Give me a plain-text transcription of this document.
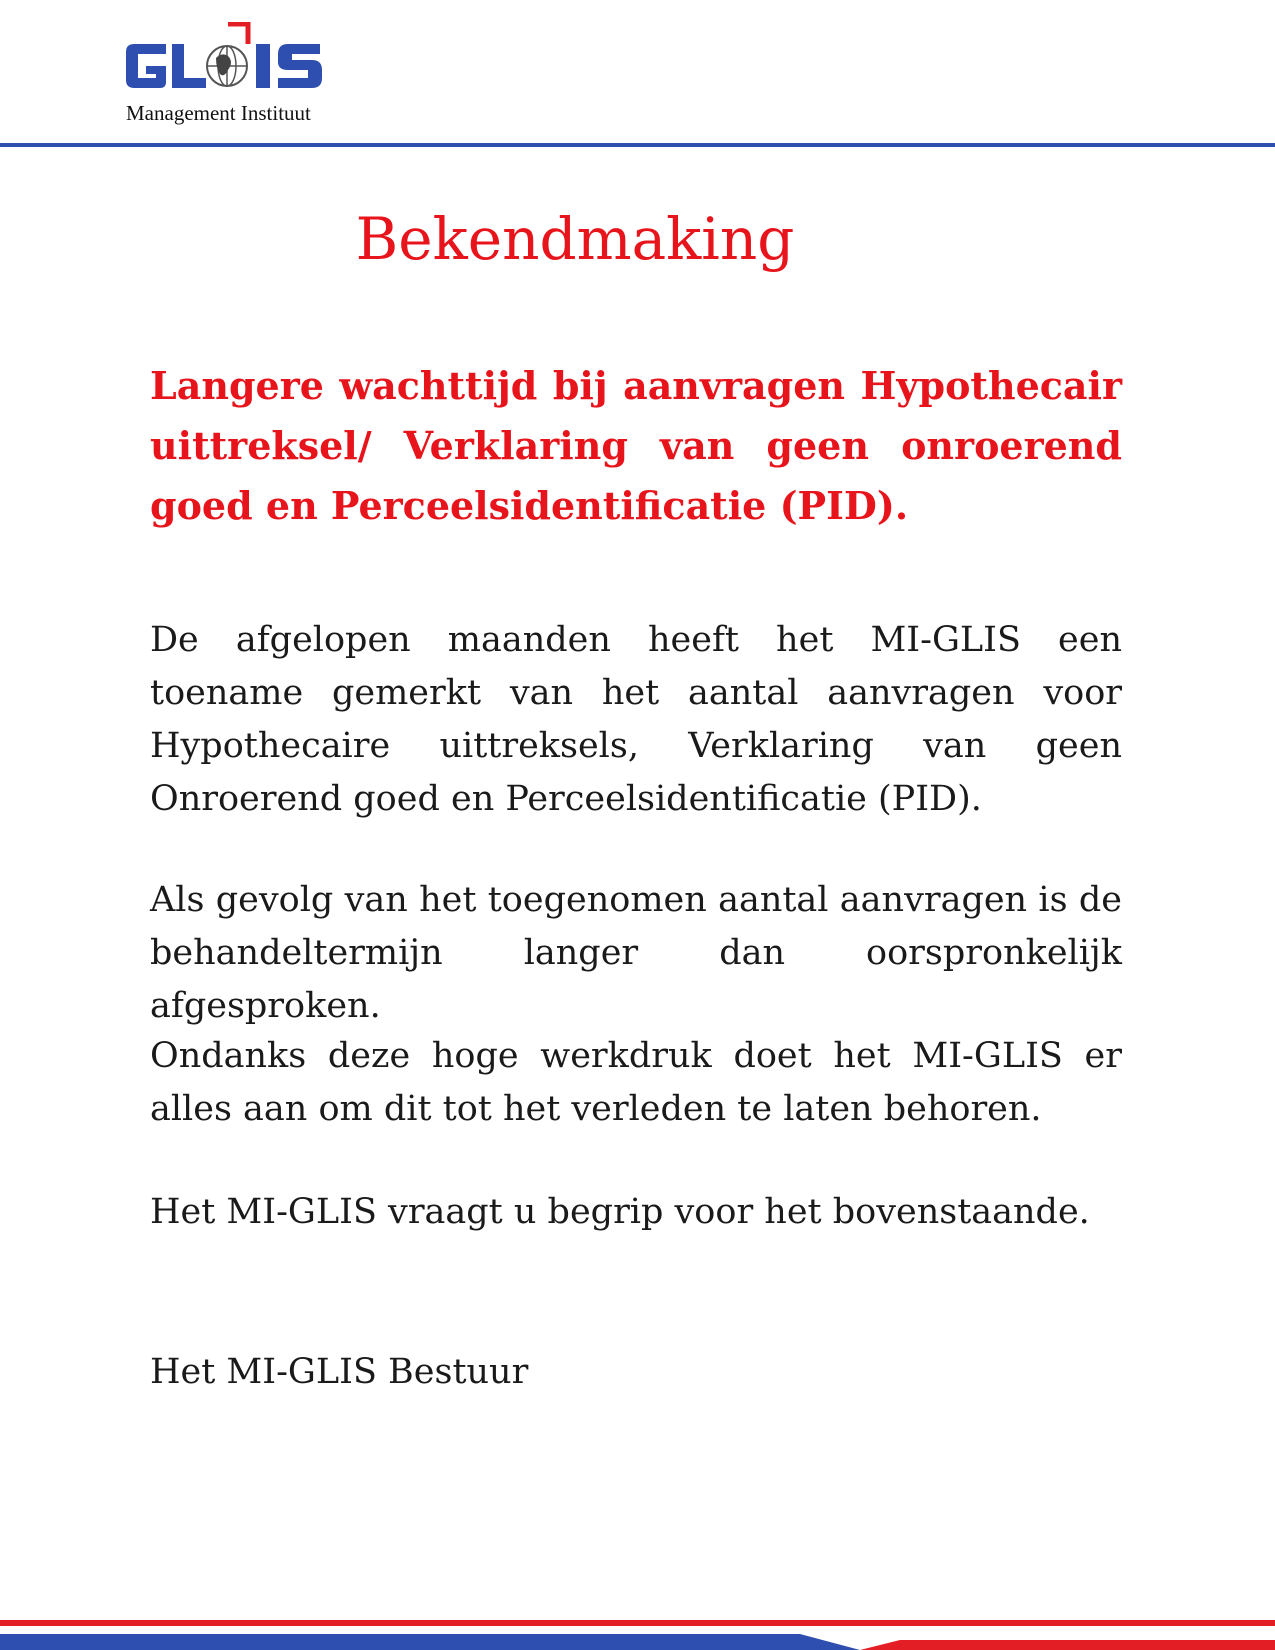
Management Instituut
Bekendmaking

Langere wachttijd bij aanvragen Hypothecair uittreksel/ Verklaring van geen onroerend goed en Perceelsidentificatie (PID).

De afgelopen maanden heeft het MI-GLIS een toename gemerkt van het aantal aanvragen voor Hypothecaire uittreksels, Verklaring van geen Onroerend goed en Perceelsidentificatie (PID).

Als gevolg van het toegenomen aantal aanvragen is de behandeltermijn langer dan oorspronkelijk afgesproken.

Ondanks deze hoge werkdruk doet het MI-GLIS er alles aan om dit tot het verleden te laten behoren.

Het MI-GLIS vraagt u begrip voor het bovenstaande.

Het MI-GLIS Bestuur
